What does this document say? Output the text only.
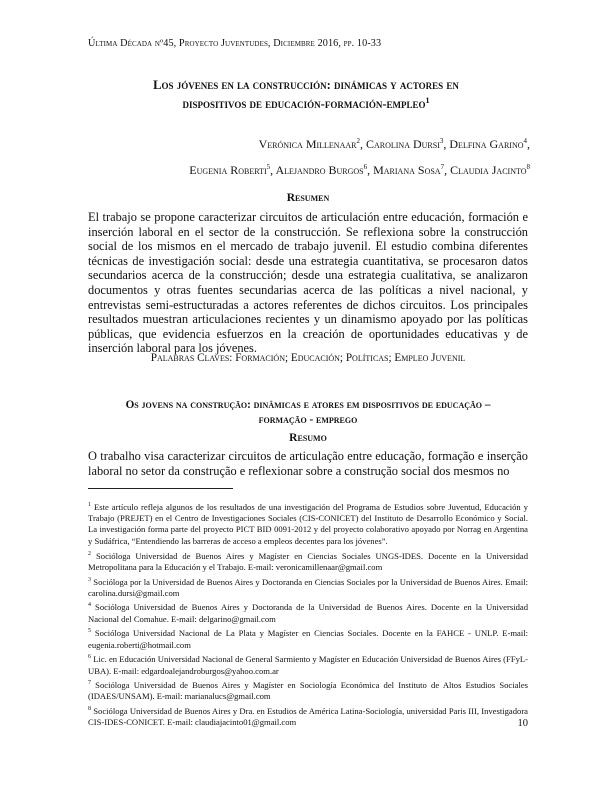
Última Década nº45, Proyecto Juventudes, Diciembre 2016, pp. 10-33
Los jóvenes en la construcción: dinámicas y actores en
dispositivos de educación-formación-empleo$^1$
Verónica Millenaar$^2$, Carolina Dursi$^3$, Delfina Garino$^4$,
Eugenia Roberti$^5$, Alejandro Burgos$^6$, Mariana Sosa$^7$, Claudia Jacinto$^8$
Resumen
El trabajo se propone caracterizar circuitos de articulación entre educación, formación e inserción laboral en el sector de la construcción. Se reflexiona sobre la construcción social de los mismos en el mercado de trabajo juvenil. El estudio combina diferentes técnicas de investigación social: desde una estrategia cuantitativa, se procesaron datos secundarios acerca de la construcción; desde una estrategia cualitativa, se analizaron documentos y otras fuentes secundarias acerca de las políticas a nivel nacional, y entrevistas semi-estructuradas a actores referentes de dichos circuitos. Los principales resultados muestran articulaciones recientes y un dinamismo apoyado por las políticas públicas, que evidencia esfuerzos en la creación de oportunidades educativas y de inserción laboral para los jóvenes.
Palabras Claves: Formación; Educación; Políticas; Empleo Juvenil
Os jovens na construção: dinâmicas e atores em dispositivos de educação –
formação - emprego
Resumo
O trabalho visa caracterizar circuitos de articulação entre educação, formação e inserção laboral no setor da construção e reflexionar sobre a construção social dos mesmos no
$^1$ Este artículo refleja algunos de los resultados de una investigación del Programa de Estudios sobre Juventud, Educación y Trabajo (PREJET) en el Centro de Investigaciones Sociales (CIS-CONICET) del Instituto de Desarrollo Económico y Social. La investigación forma parte del proyecto PICT BID 0091-2012 y del proyecto colaborativo apoyado por Norrag en Argentina y Sudáfrica, “Entendiendo las barreras de acceso a empleos decentes para los jóvenes”.
$^2$ Socióloga Universidad de Buenos Aires y Magíster en Ciencias Sociales UNGS-IDES. Docente en la Universidad Metropolitana para la Educación y el Trabajo. E-mail: veronicamillenaar@gmail.com
$^3$ Socióloga por la Universidad de Buenos Aires y Doctoranda en Ciencias Sociales por la Universidad de Buenos Aires. Email: carolina.dursi@gmail.com
$^4$ Socióloga Universidad de Buenos Aires y Doctoranda de la Universidad de Buenos Aires. Docente en la Universidad Nacional del Comahue. E-mail: delgarino@gmail.com
$^5$ Socióloga Universidad Nacional de La Plata y Magíster en Ciencias Sociales. Docente en la FAHCE - UNLP. E-mail: eugenia.roberti@hotmail.com
$^6$ Lic. en Educación Universidad Nacional de General Sarmiento y Magíster en Educación Universidad de Buenos Aires (FFyL-UBA). E-mail: edgardoalejandroburgos@yahoo.com.ar
$^7$ Socióloga Universidad de Buenos Aires y Magíster en Sociología Económica del Instituto de Altos Estudios Sociales (IDAES/UNSAM). E-mail: marianalucs@gmail.com
$^8$ Socióloga Universidad de Buenos Aires y Dra. en Estudios de América Latina-Sociología, universidad Paris III, Investigadora CIS-IDES-CONICET. E-mail: claudiajacinto01@gmail.com	10
